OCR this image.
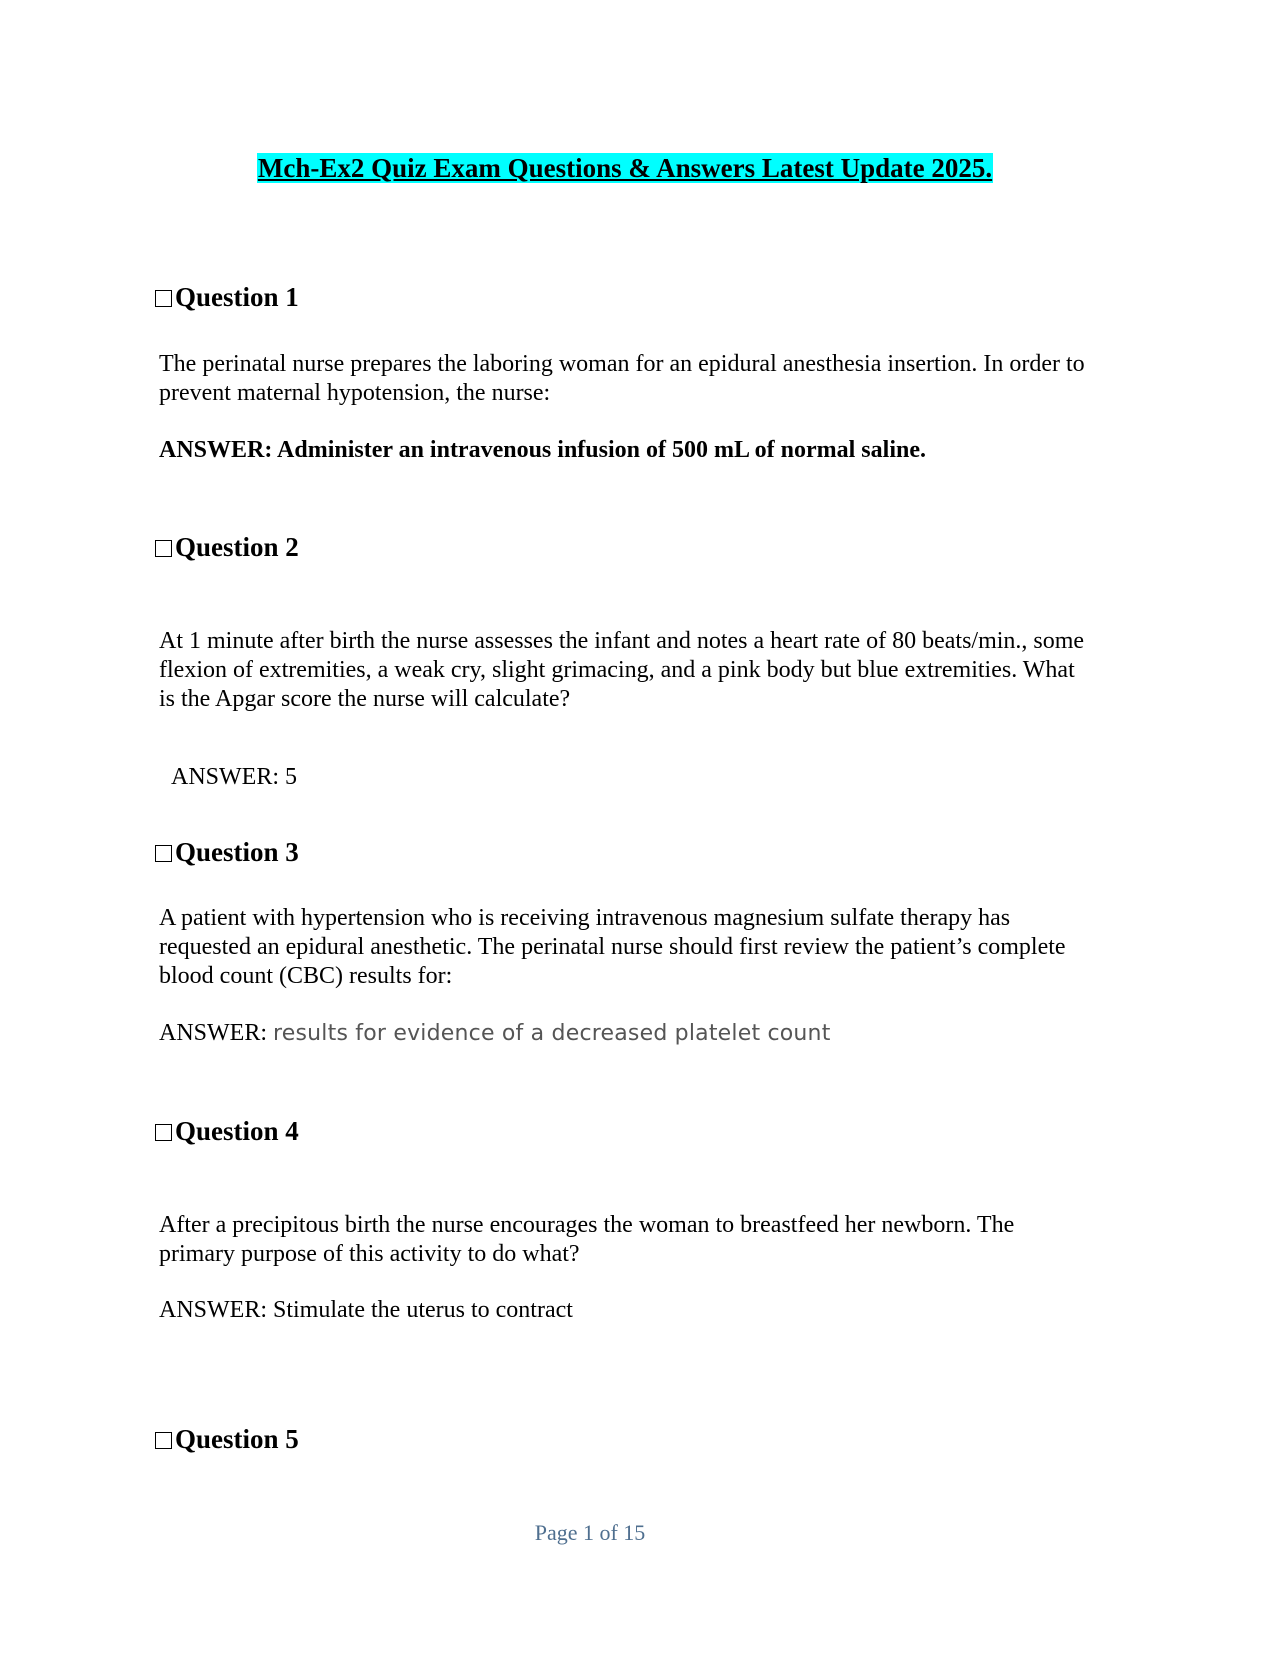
Mch-Ex2 Quiz Exam Questions & Answers Latest Update 2025.
Question 1
The perinatal nurse prepares the laboring woman for an epidural anesthesia insertion. In order to prevent maternal hypotension, the nurse:
ANSWER: Administer an intravenous infusion of 500 mL of normal saline.
Question 2
At 1 minute after birth the nurse assesses the infant and notes a heart rate of 80 beats/min., some flexion of extremities, a weak cry, slight grimacing, and a pink body but blue extremities. What is the Apgar score the nurse will calculate?
ANSWER: 5
Question 3
A patient with hypertension who is receiving intravenous magnesium sulfate therapy has requested an epidural anesthetic. The perinatal nurse should first review the patient’s complete blood count (CBC) results for:
ANSWER: results for evidence of a decreased platelet count
Question 4
After a precipitous birth the nurse encourages the woman to breastfeed her newborn. The primary purpose of this activity to do what?
ANSWER: Stimulate the uterus to contract
Question 5
Page 1 of 15
